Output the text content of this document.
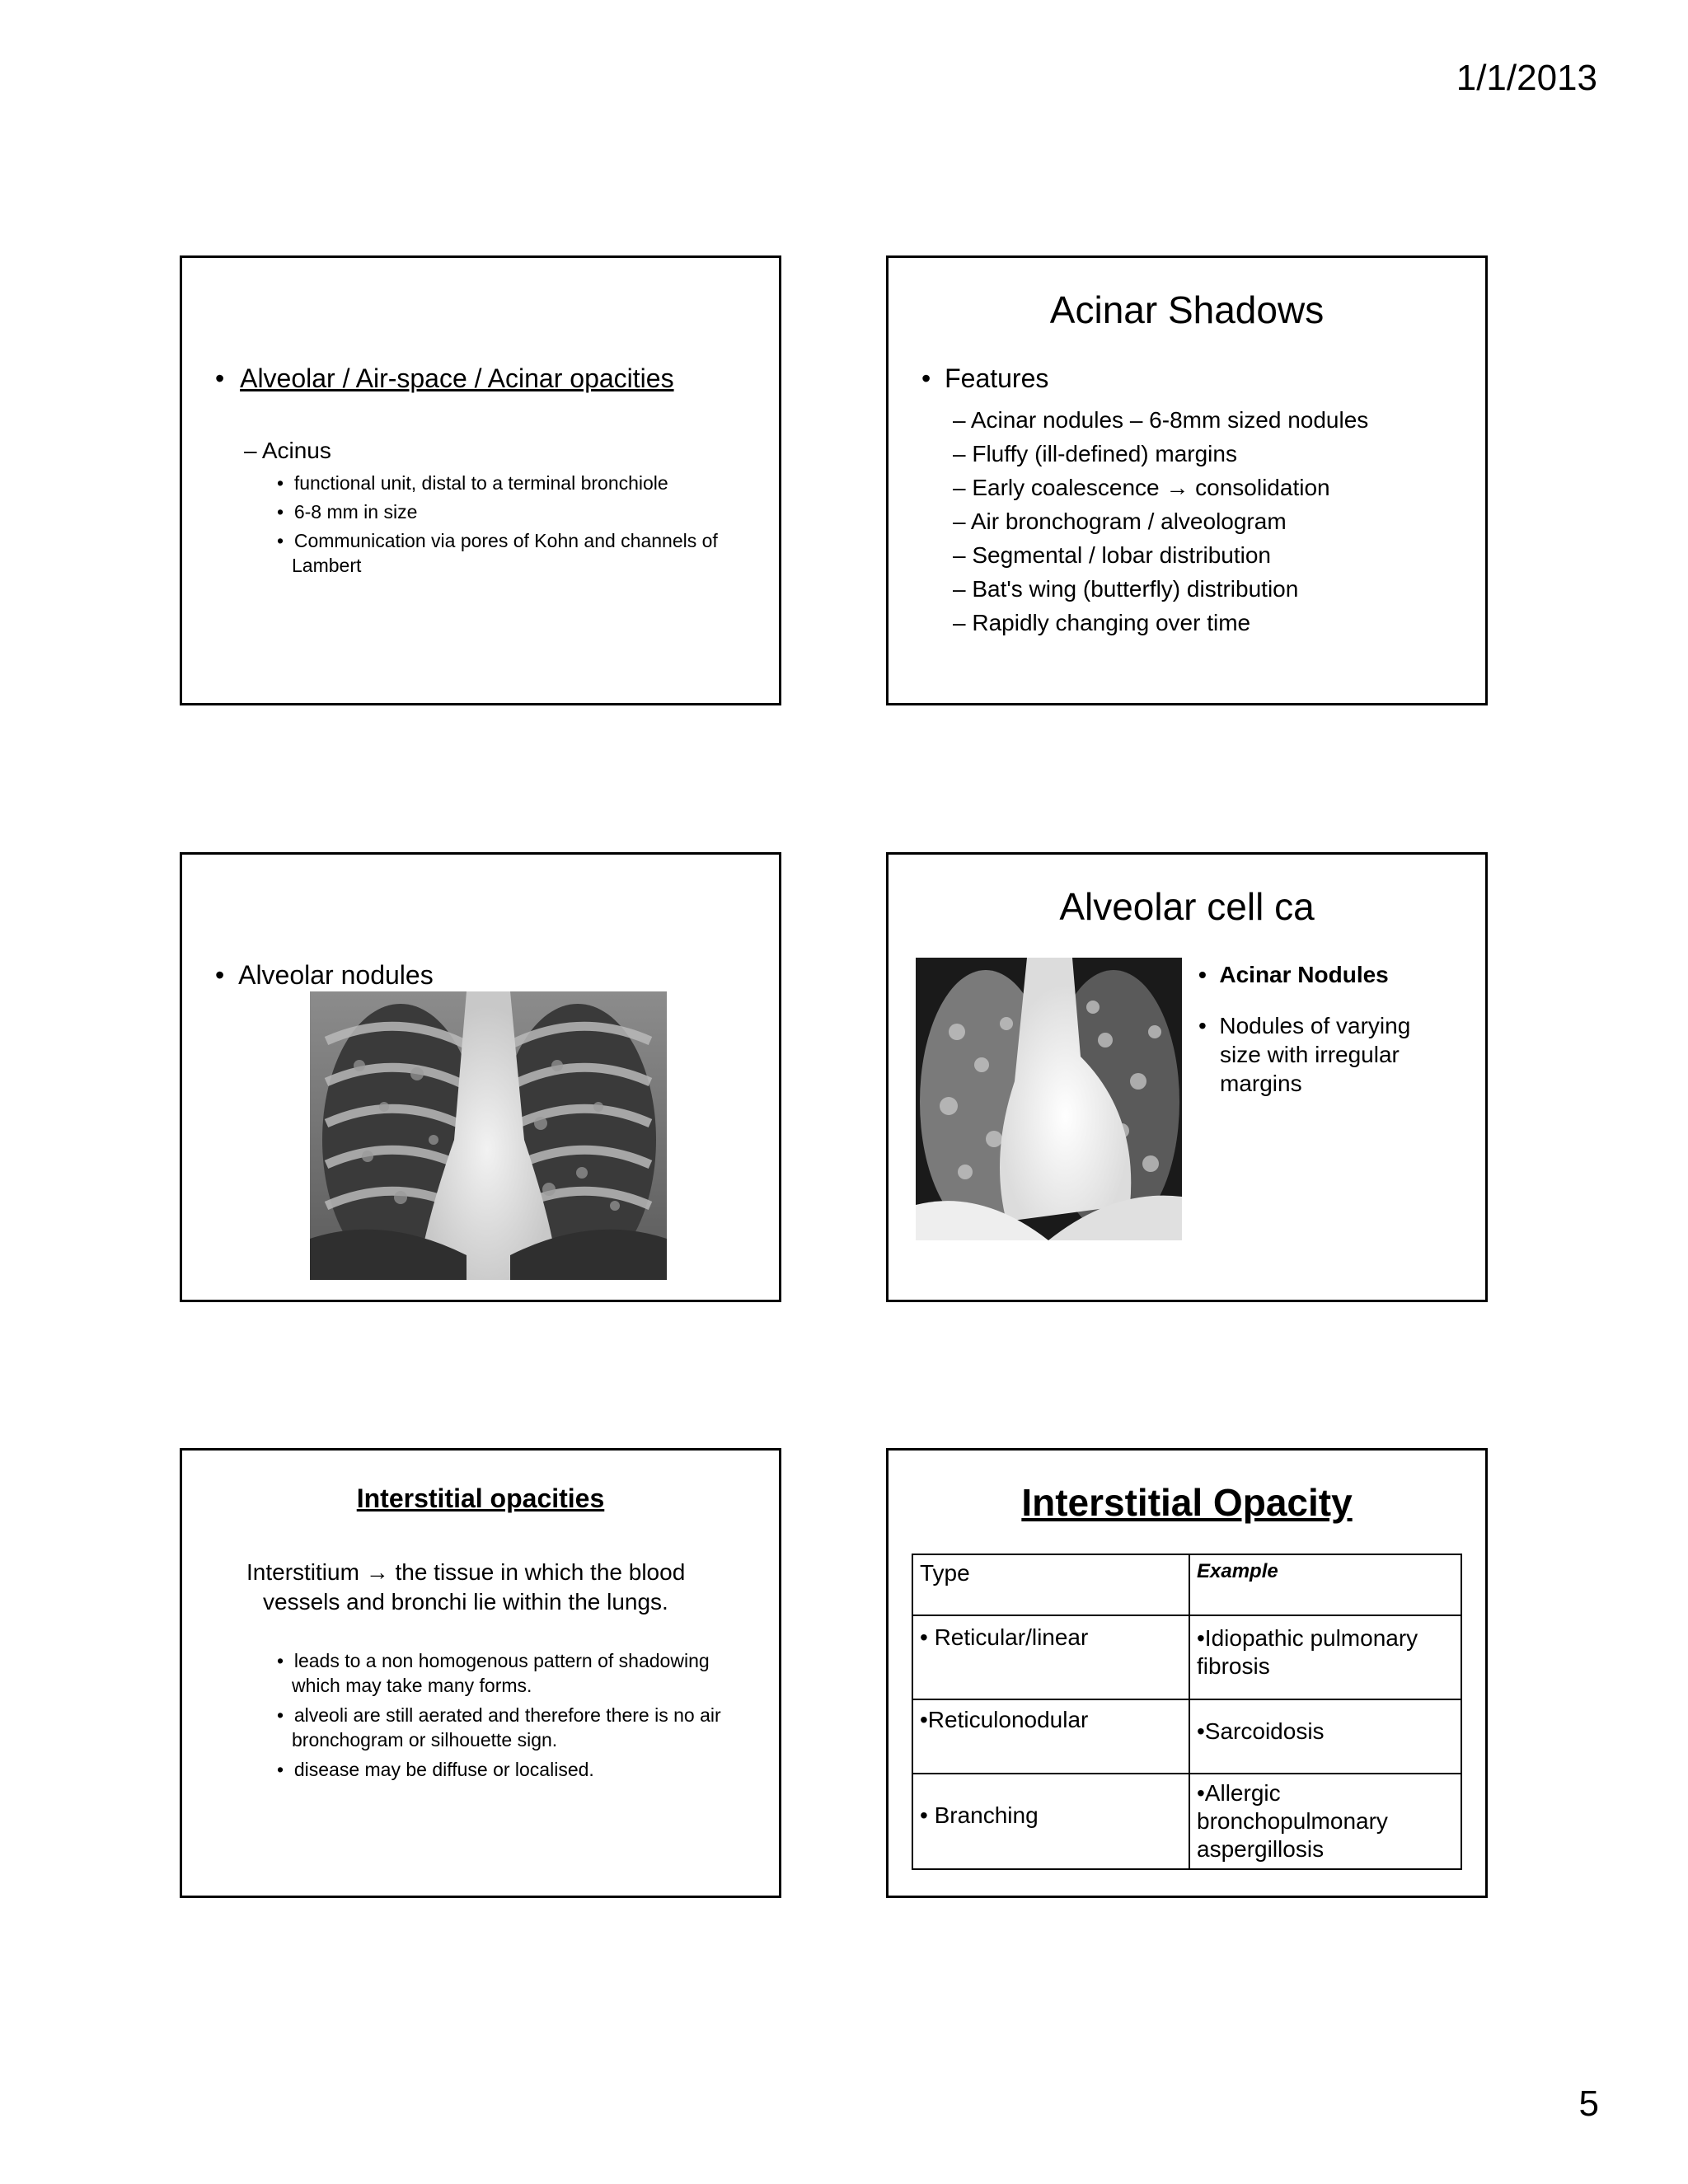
1/1/2013
• Alveolar / Air-space / Acinar opacities
– Acinus
•  functional unit, distal to a terminal bronchiole
•  6-8 mm in size
•  Communication via pores of Kohn and channels of
Lambert
Acinar Shadows
• Features
– Acinar nodules – 6-8mm sized nodules
– Fluffy (ill-defined) margins
– Early coalescence → consolidation
– Air bronchogram / alveologram
– Segmental / lobar distribution
– Bat's wing (butterfly) distribution
– Rapidly changing over time
• Alveolar nodules
Alveolar cell ca
•  Acinar Nodules
•  Nodules of varying
size with irregular
margins
Interstitial opacities
Interstitium → the tissue in which the blood
vessels and bronchi lie within the lungs.
•  leads to a non homogenous pattern of shadowing
which may take many forms.
•  alveoli are still aerated and therefore there is no air
bronchogram or silhouette sign.
•  disease may be diffuse or localised.
Interstitial Opacity
Type	Example
• Reticular/linear	•Idiopathic pulmonary
fibrosis

•Reticulonodular	•Sarcoidosis

• Branching	•Allergic
bronchopulmonary
aspergillosis
5
